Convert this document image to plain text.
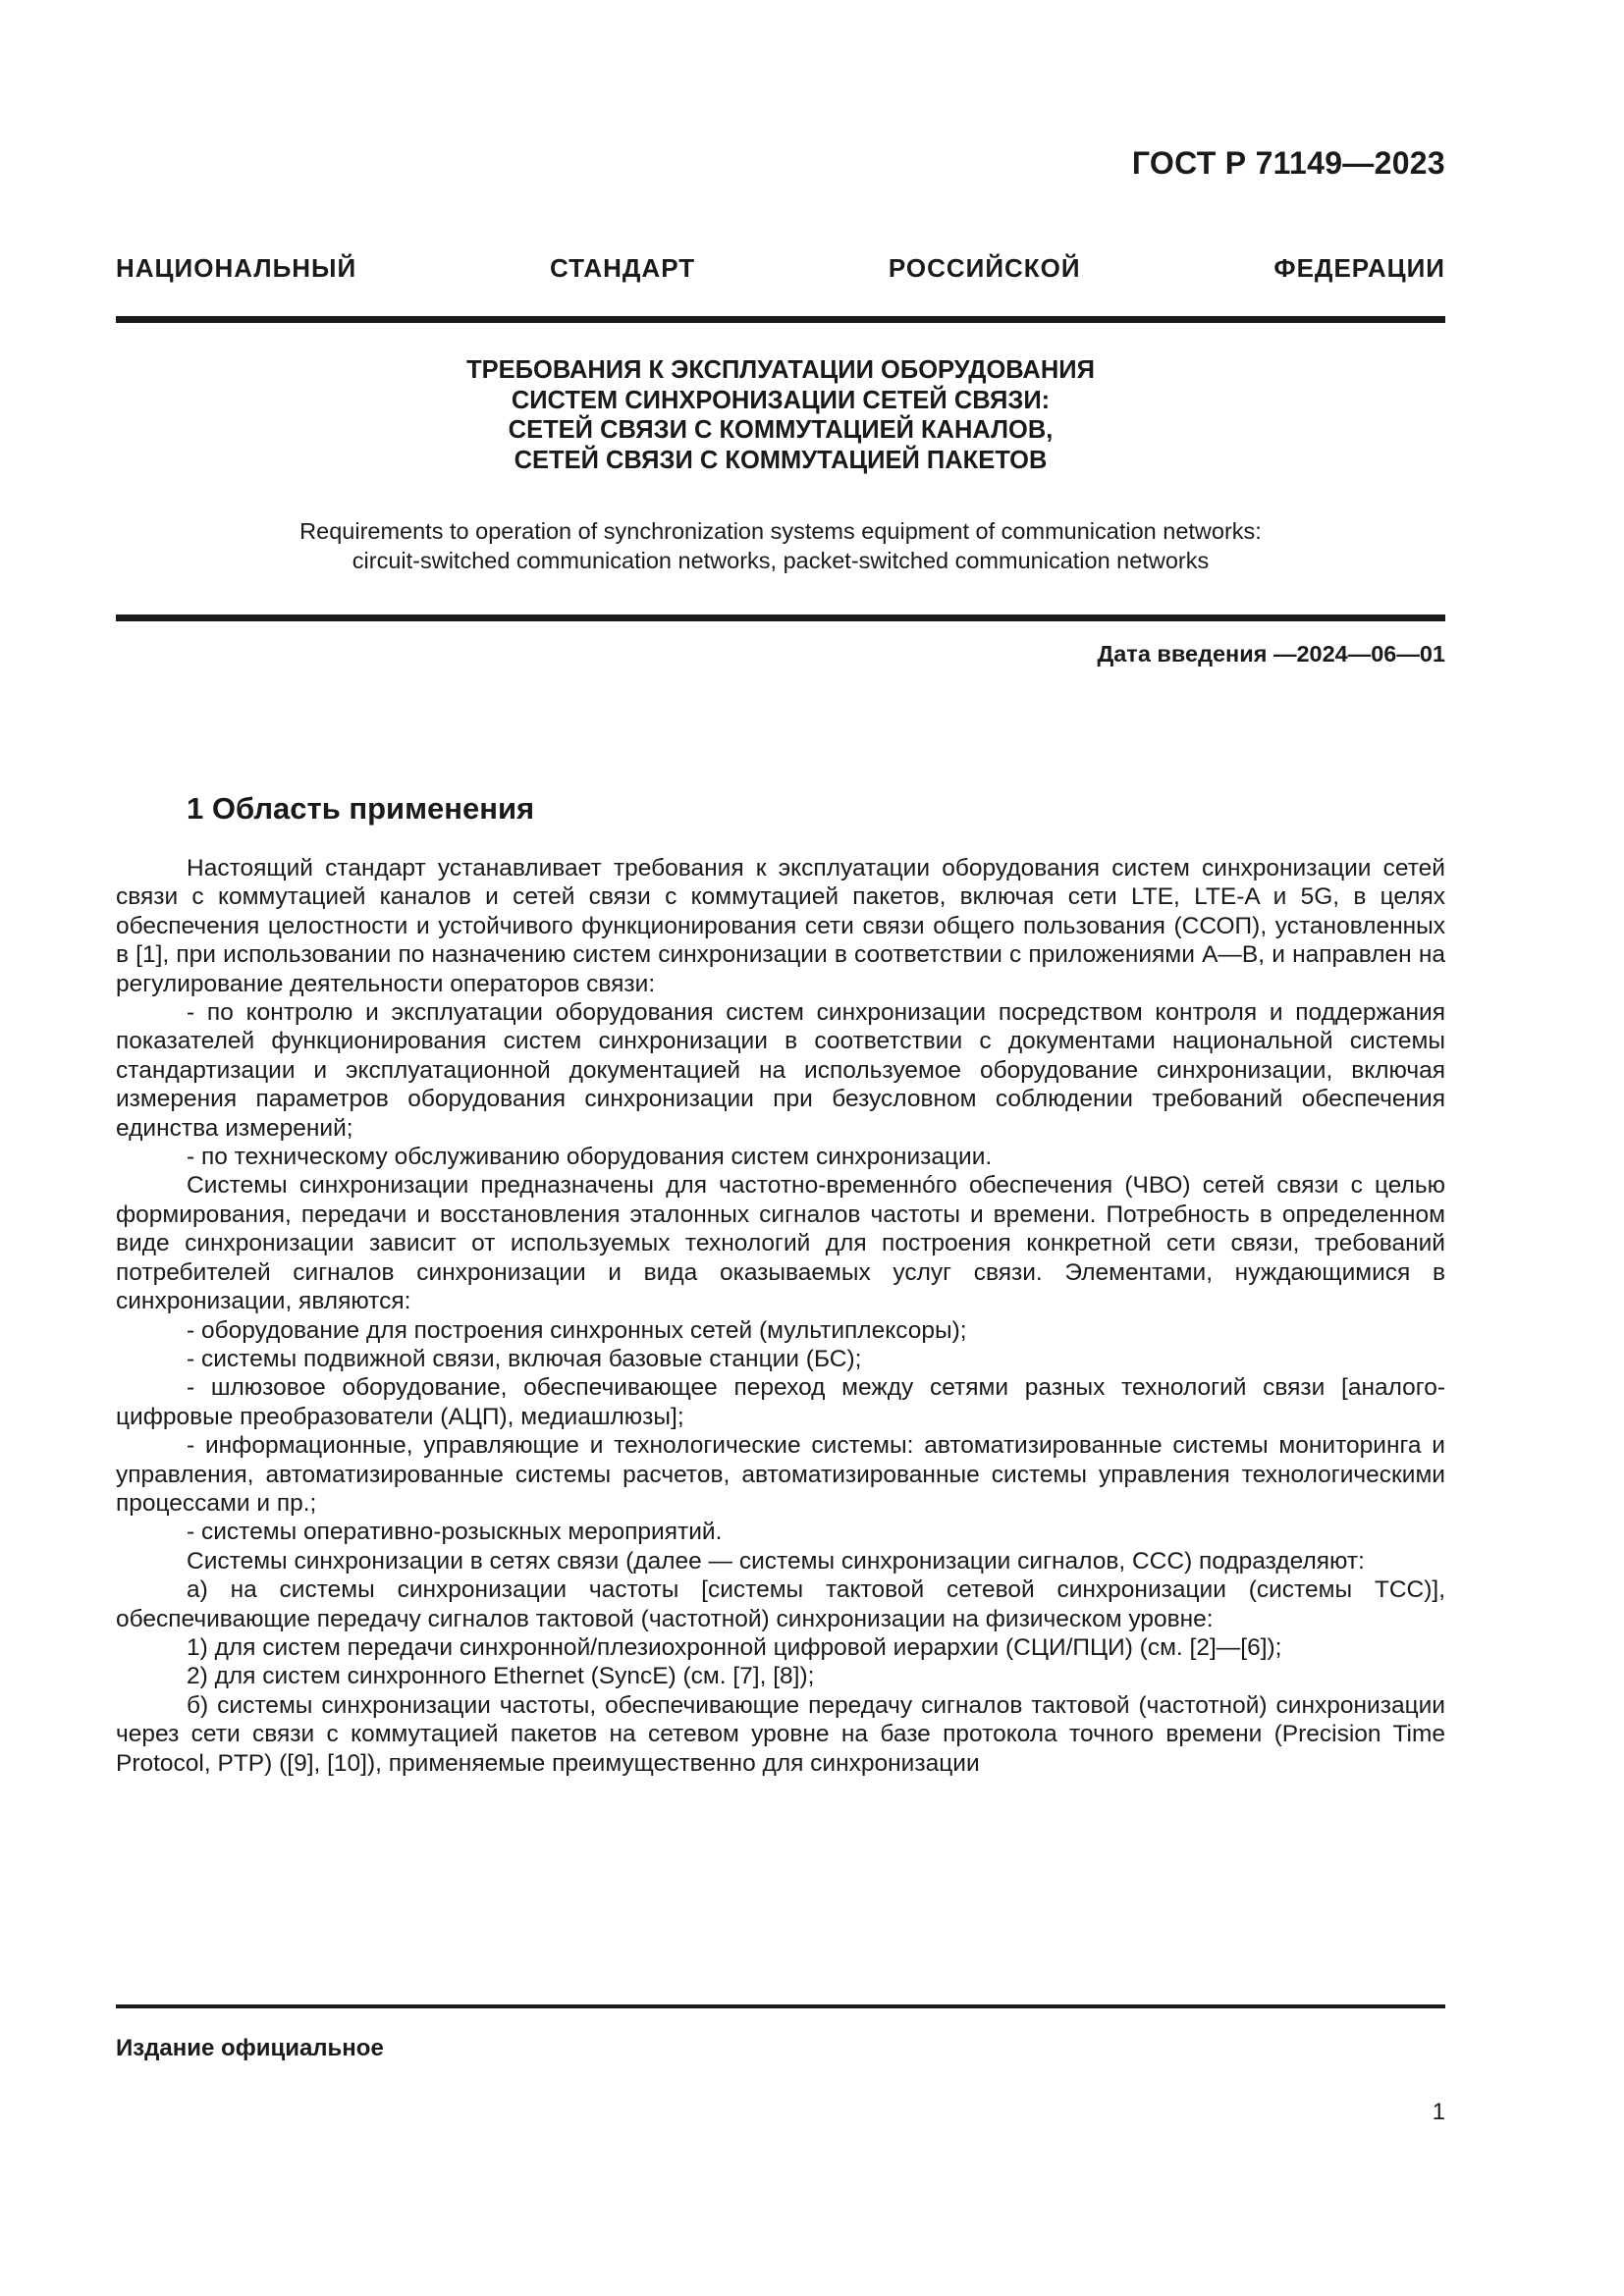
ГОСТ Р 71149—2023
НАЦИОНАЛЬНЫЙ СТАНДАРТ РОССИЙСКОЙ ФЕДЕРАЦИИ
ТРЕБОВАНИЯ К ЭКСПЛУАТАЦИИ ОБОРУДОВАНИЯ
СИСТЕМ СИНХРОНИЗАЦИИ СЕТЕЙ СВЯЗИ:
СЕТЕЙ СВЯЗИ С КОММУТАЦИЕЙ КАНАЛОВ,
СЕТЕЙ СВЯЗИ С КОММУТАЦИЕЙ ПАКЕТОВ
Requirements to operation of synchronization systems equipment of communication networks:
circuit-switched communication networks, packet-switched communication networks
Дата введения —2024—06—01
1 Область применения

Настоящий стандарт устанавливает требования к эксплуатации оборудования систем синхронизации сетей связи с коммутацией каналов и сетей связи с коммутацией пакетов, включая сети LTE, LTE-A и 5G, в целях обеспечения целостности и устойчивого функционирования сети связи общего пользования (ССОП), установленных в [1], при использовании по назначению систем синхронизации в соответствии с приложениями А—В, и направлен на регулирование деятельности операторов связи:

- по контролю и эксплуатации оборудования систем синхронизации посредством контроля и поддержания показателей функционирования систем синхронизации в соответствии с документами национальной системы стандартизации и эксплуатационной документацией на используемое оборудование синхронизации, включая измерения параметров оборудования синхронизации при безусловном соблюдении требований обеспечения единства измерений;

- по техническому обслуживанию оборудования систем синхронизации.

Системы синхронизации предназначены для частотно-временнóго обеспечения (ЧВО) сетей связи с целью формирования, передачи и восстановления эталонных сигналов частоты и времени. Потребность в определенном виде синхронизации зависит от используемых технологий для построения конкретной сети связи, требований потребителей сигналов синхронизации и вида оказываемых услуг связи. Элементами, нуждающимися в синхронизации, являются:

- оборудование для построения синхронных сетей (мультиплексоры);

- системы подвижной связи, включая базовые станции (БС);

- шлюзовое оборудование, обеспечивающее переход между сетями разных технологий связи [аналого-цифровые преобразователи (АЦП), медиашлюзы];

- информационные, управляющие и технологические системы: автоматизированные системы мониторинга и управления, автоматизированные системы расчетов, автоматизированные системы управления технологическими процессами и пр.;

- системы оперативно-розыскных мероприятий.

Системы синхронизации в сетях связи (далее — системы синхронизации сигналов, ССС) подразделяют:

а) на системы синхронизации частоты [системы тактовой сетевой синхронизации (системы ТСС)], обеспечивающие передачу сигналов тактовой (частотной) синхронизации на физическом уровне:

1) для систем передачи синхронной/плезиохронной цифровой иерархии (СЦИ/ПЦИ) (см. [2]—[6]);

2) для систем синхронного Ethernet (SyncE) (см. [7], [8]);

б) системы синхронизации частоты, обеспечивающие передачу сигналов тактовой (частотной) синхронизации через сети связи с коммутацией пакетов на сетевом уровне на базе протокола точного времени (Precision Time Protocol, PTP) ([9], [10]), применяемые преимущественно для синхронизации

Издание официальное
1
